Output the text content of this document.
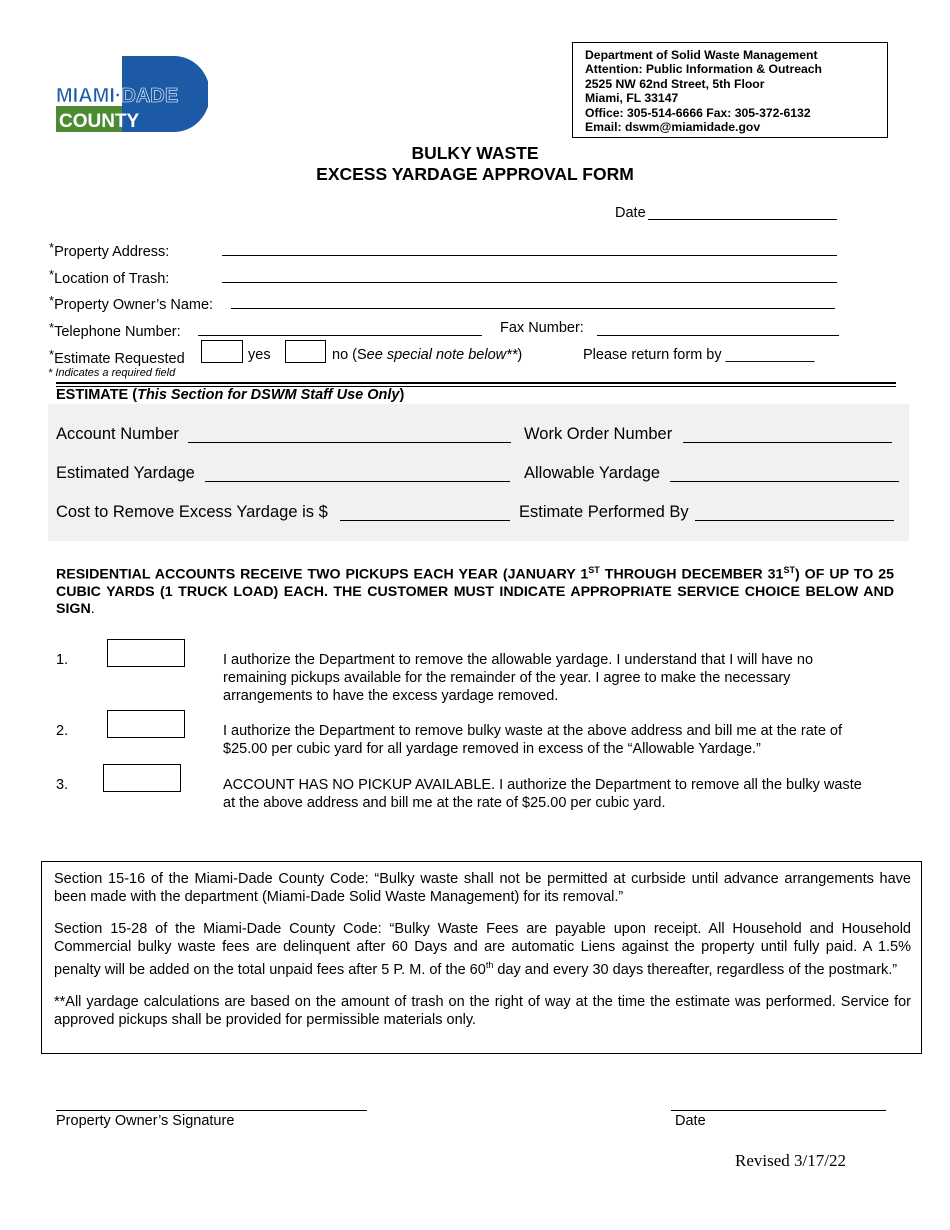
MIAMI·DADE
COUNTY
Department of Solid Waste Management
Attention: Public Information & Outreach
2525 NW 62nd Street, 5th Floor
Miami, FL 33147
Office: 305-514-6666 Fax: 305-372-6132
Email: dswm@miamidade.gov
BULKY WASTE
EXCESS YARDAGE APPROVAL FORM
Date
*Property Address:
*Location of Trash:
*Property Owner’s Name:
*Telephone Number:	Fax Number:
*Estimate Requested	yes	no (See special note below**)	Please return form by ___________
* Indicates a required field
ESTIMATE (This Section for DSWM Staff Use Only)
Account Number	Work Order Number
Estimated Yardage	Allowable Yardage
Cost to Remove Excess Yardage is $	Estimate Performed By
RESIDENTIAL ACCOUNTS RECEIVE TWO PICKUPS EACH YEAR (JANUARY 1ST THROUGH DECEMBER 31ST) OF UP TO 25 CUBIC YARDS (1 TRUCK LOAD) EACH. THE CUSTOMER MUST INDICATE APPROPRIATE SERVICE CHOICE BELOW AND SIGN.
1.	I authorize the Department to remove the allowable yardage. I understand that I will have no remaining pickups available for the remainder of the year. I agree to make the necessary arrangements to have the excess yardage removed.
2.	I authorize the Department to remove bulky waste at the above address and bill me at the rate of $25.00 per cubic yard for all yardage removed in excess of the “Allowable Yardage.”
3.	ACCOUNT HAS NO PICKUP AVAILABLE. I authorize the Department to remove all the bulky waste at the above address and bill me at the rate of $25.00 per cubic yard.

Section 15-16 of the Miami-Dade County Code: “Bulky waste shall not be permitted at curbside until advance arrangements have been made with the department (Miami-Dade Solid Waste Management) for its removal.”

Section 15-28 of the Miami-Dade County Code: “Bulky Waste Fees are payable upon receipt. All Household and Household Commercial bulky waste fees are delinquent after 60 Days and are automatic Liens against the property until fully paid. A 1.5% penalty will be added on the total unpaid fees after 5 P. M. of the 60th day and every 30 days thereafter, regardless of the postmark.”

**All yardage calculations are based on the amount of trash on the right of way at the time the estimate was performed. Service for approved pickups shall be provided for permissible materials only.

Property Owner’s Signature	Date
Revised 3/17/22
